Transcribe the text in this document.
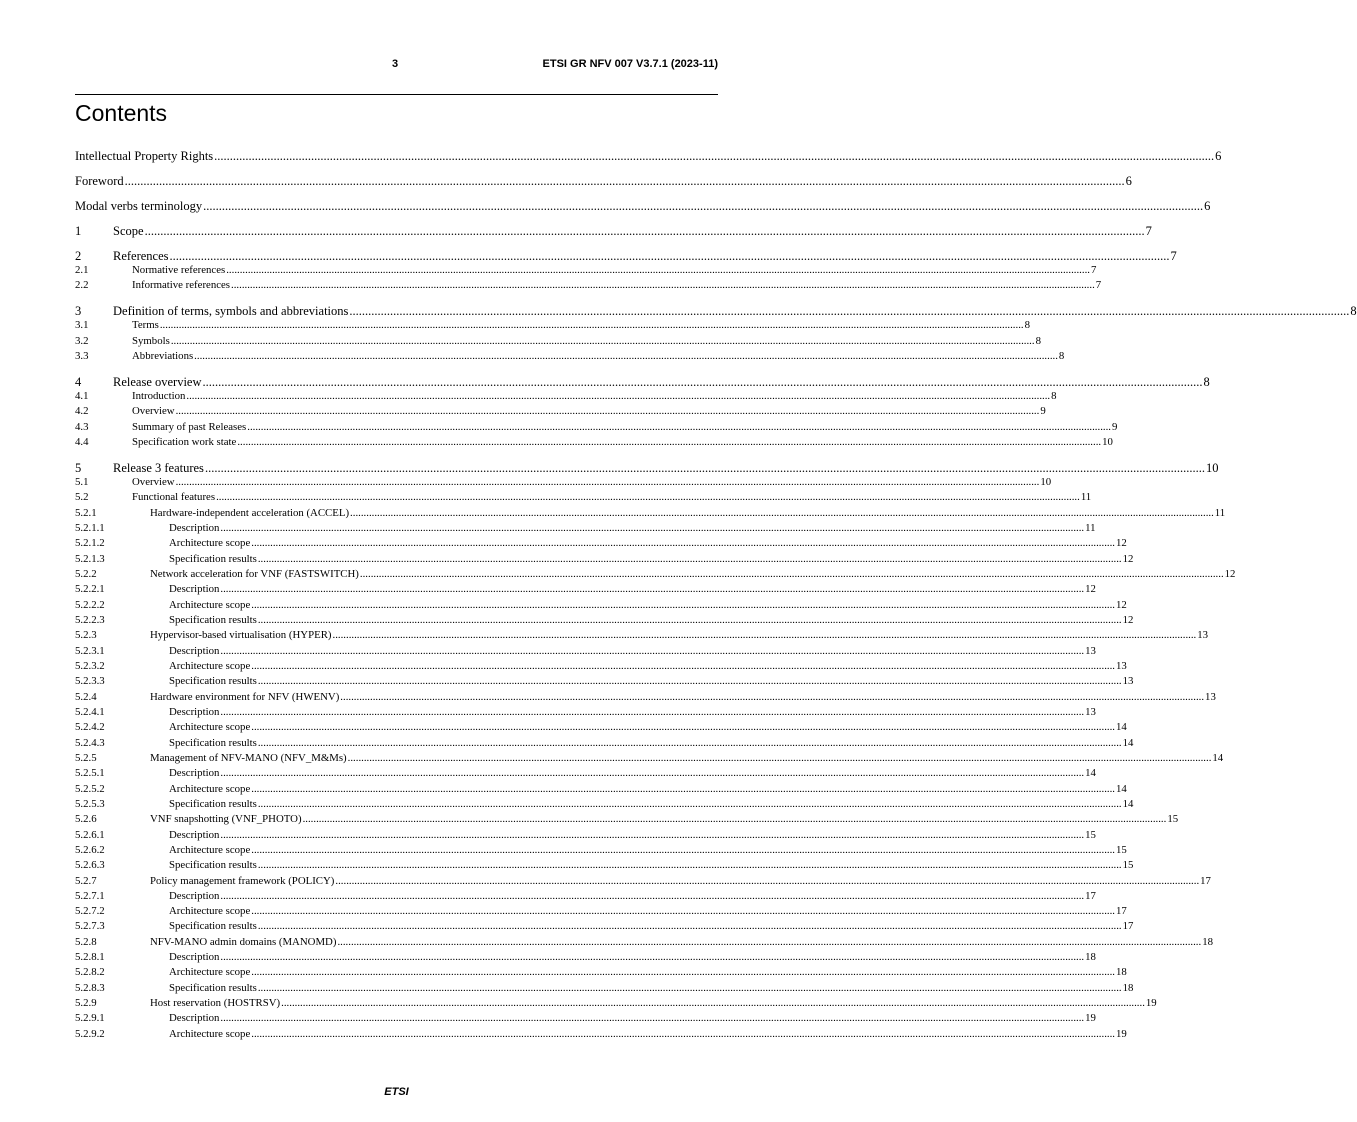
3	ETSI GR NFV 007 V3.7.1 (2023-11)
Contents
Intellectual Property Rights .....	6
Foreword .....	6
Modal verbs terminology .....	6
1	Scope .....	7
2	References .....	7
2.1	Normative references .....	7
2.2	Informative references .....	7
3	Definition of terms, symbols and abbreviations .....	8
3.1	Terms .....	8
3.2	Symbols .....	8
3.3	Abbreviations .....	8
4	Release overview .....	8
4.1	Introduction .....	8
4.2	Overview .....	9
4.3	Summary of past Releases .....	9
4.4	Specification work state .....	10
5	Release 3 features .....	10
5.1	Overview .....	10
5.2	Functional features .....	11
5.2.1	Hardware-independent acceleration (ACCEL) .....	11
5.2.1.1	Description .....	11
5.2.1.2	Architecture scope .....	12
5.2.1.3	Specification results .....	12
5.2.2	Network acceleration for VNF (FASTSWITCH) .....	12
5.2.2.1	Description .....	12
5.2.2.2	Architecture scope .....	12
5.2.2.3	Specification results .....	12
5.2.3	Hypervisor-based virtualisation (HYPER) .....	13
5.2.3.1	Description .....	13
5.2.3.2	Architecture scope .....	13
5.2.3.3	Specification results .....	13
5.2.4	Hardware environment for NFV (HWENV) .....	13
5.2.4.1	Description .....	13
5.2.4.2	Architecture scope .....	14
5.2.4.3	Specification results .....	14
5.2.5	Management of NFV-MANO (NFV_M&Ms) .....	14
5.2.5.1	Description .....	14
5.2.5.2	Architecture scope .....	14
5.2.5.3	Specification results .....	14
5.2.6	VNF snapshotting (VNF_PHOTO) .....	15
5.2.6.1	Description .....	15
5.2.6.2	Architecture scope .....	15
5.2.6.3	Specification results .....	15
5.2.7	Policy management framework (POLICY) .....	17
5.2.7.1	Description .....	17
5.2.7.2	Architecture scope .....	17
5.2.7.3	Specification results .....	17
5.2.8	NFV-MANO admin domains (MANOMD) .....	18
5.2.8.1	Description .....	18
5.2.8.2	Architecture scope .....	18
5.2.8.3	Specification results .....	18
5.2.9	Host reservation (HOSTRSV) .....	19
5.2.9.1	Description .....	19
5.2.9.2	Architecture scope .....	19
ETSI
